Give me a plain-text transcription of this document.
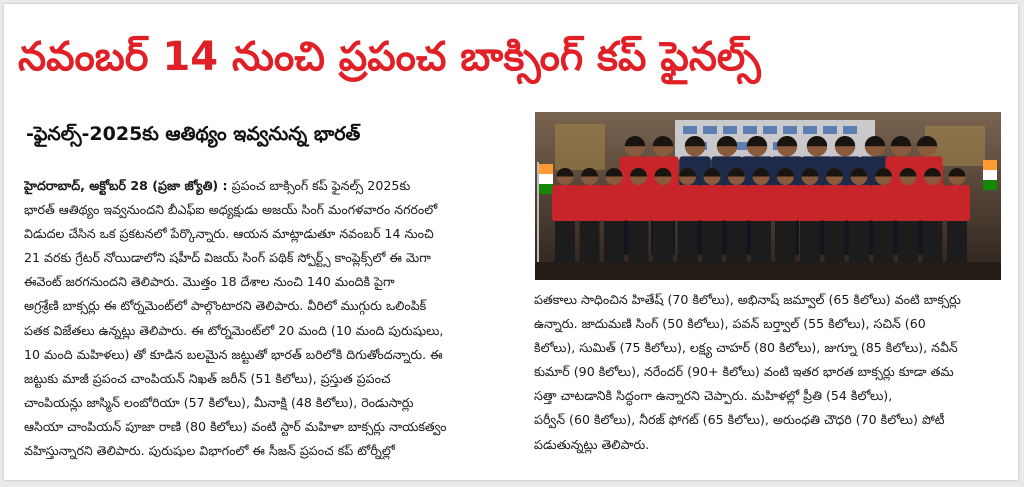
నవంబర్ 14 నుంచి ప్రపంచ బాక్సింగ్ కప్ ఫైనల్స్
-ఫైనల్స్-2025కు ఆతిథ్యం ఇవ్వనున్న భారత్
హైదరాబాద్, అక్టోబర్ 28 (ప్రజా జ్యోతి) : ప్రపంచ బాక్సింగ్ కప్ ఫైనల్స్ 2025కు
భారత్ ఆతిథ్యం ఇవ్వనుందని బీఎఫ్ఐ అధ్యక్షుడు అజయ్ సింగ్ మంగళవారం నగరంలో
విడుదల చేసిన ఒక ప్రకటనలో పేర్కొన్నారు. ఆయన మాట్లాడుతూ నవంబర్ 14 నుంచి
21 వరకు గ్రేటర్ నోయిడాలోని షహీద్ విజయ్ సింగ్ పథిక్ స్పోర్ట్స్ కాంప్లెక్స్‌లో ఈ మెగా
ఈవెంట్ జరగనుందని తెలిపారు. మొత్తం 18 దేశాల నుంచి 140 మందికి పైగా
అగ్రశ్రేణి బాక్సర్లు ఈ టోర్నమెంట్‌లో పాల్గొంటారని తెలిపారు. వీరిలో ముగ్గురు ఒలింపిక్
పతక విజేతలు ఉన్నట్లు తెలిపారు. ఈ టోర్నమెంట్‌లో 20 మంది (10 మంది పురుషులు,
10 మంది మహిళలు) తో కూడిన బలమైన జట్టుతో భారత్ బరిలోకి దిగుతోందన్నారు. ఈ
జట్టుకు మాజీ ప్రపంచ చాంపియన్ నిఖత్ జరీన్ (51 కిలోలు), ప్రస్తుత ప్రపంచ
చాంపియన్లు జాస్మిన్ లంబోరియా (57 కిలోలు), మీనాక్షి (48 కిలోలు), రెండుసార్లు
ఆసియా చాంపియన్ పూజా రాణి (80 కిలోలు) వంటి స్టార్ మహిళా బాక్సర్లు నాయకత్వం
వహిస్తున్నారని తెలిపారు. పురుషుల విభాగంలో ఈ సీజన్ ప్రపంచ కప్ టోర్నీల్లో
పతకాలు సాధించిన హితేష్ (70 కిలోలు), అభినాష్ జమ్వాల్ (65 కిలోలు) వంటి బాక్సర్లు
ఉన్నారు. జాదుమణి సింగ్ (50 కిలోలు), పవన్ బర్త్వాల్ (55 కిలోలు), సచిన్ (60
కిలోలు), సుమిత్ (75 కిలోలు), లక్ష్య చాహర్ (80 కిలోలు), జుగ్నూ (85 కిలోలు), నవీన్
కుమార్ (90 కిలోలు), నరేందర్ (90+ కిలోలు) వంటి ఇతర భారత బాక్సర్లు కూడా తమ
సత్తా చాటడానికి సిద్ధంగా ఉన్నారని చెప్పారు. మహిళల్లో ప్రీతి (54 కిలోలు),
పర్వీన్ (60 కిలోలు), నీరజ్ ఫోగట్ (65 కిలోలు), అరుంధతి చౌధరి (70 కిలోలు) పోటీ
పడుతున్నట్లు తెలిపారు.
